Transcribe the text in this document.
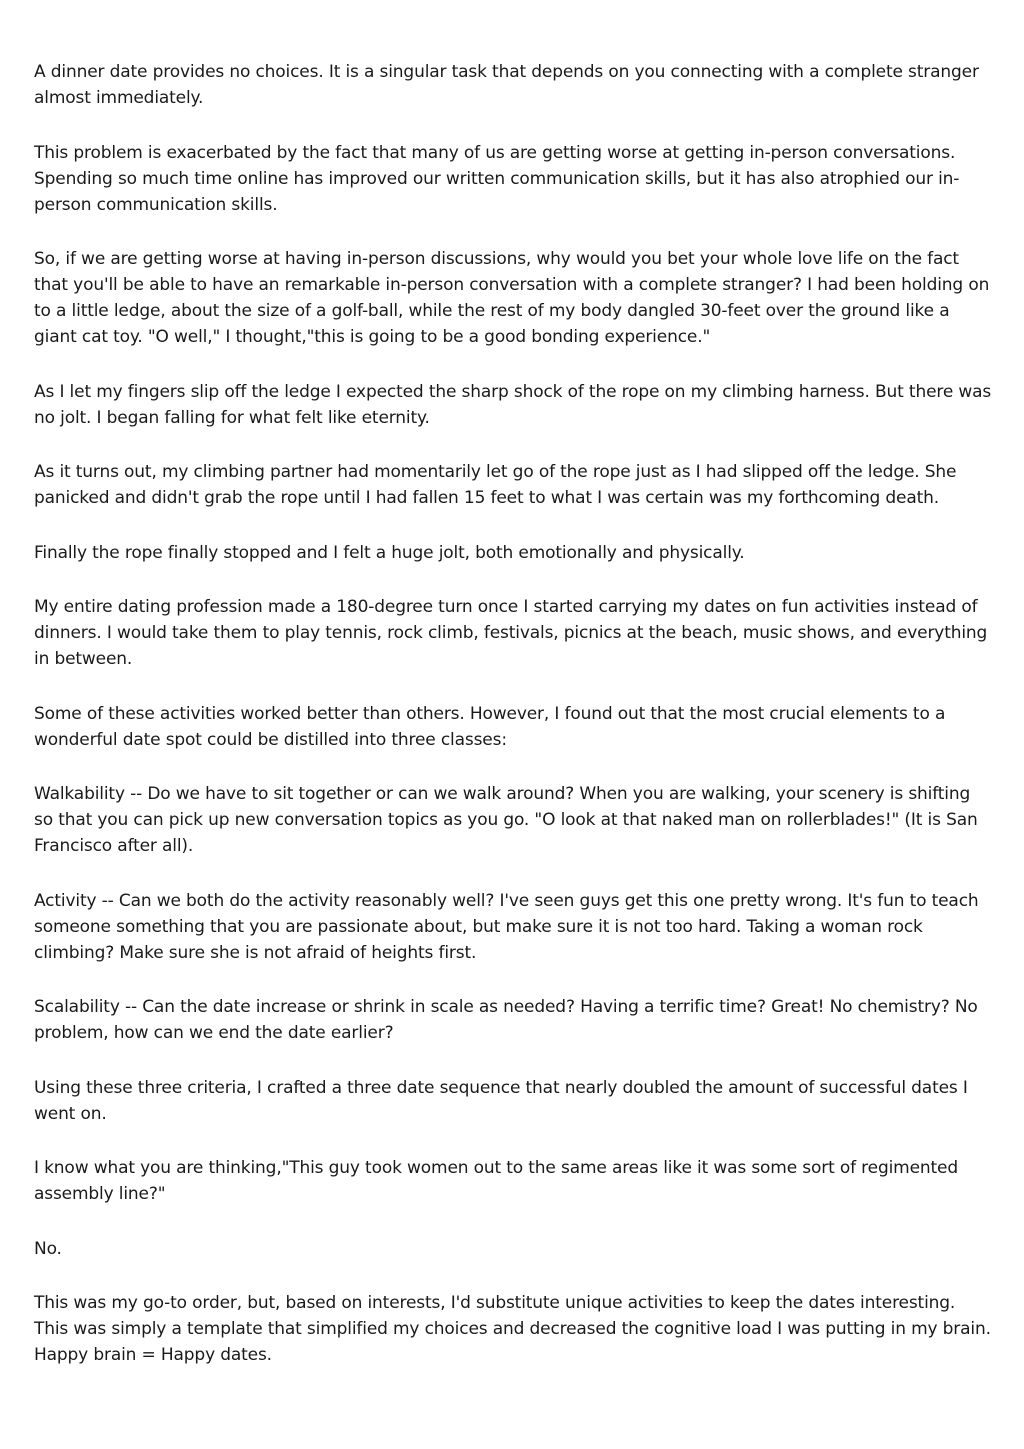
A dinner date provides no choices. It is a singular task that depends on you connecting with a complete stranger almost immediately.

This problem is exacerbated by the fact that many of us are getting worse at getting in-person conversations. Spending so much time online has improved our written communication skills, but it has also atrophied our in-person communication skills.

So, if we are getting worse at having in-person discussions, why would you bet your whole love life on the fact that you'll be able to have an remarkable in-person conversation with a complete stranger? I had been holding on to a little ledge, about the size of a golf-ball, while the rest of my body dangled 30-feet over the ground like a giant cat toy. "O well," I thought,"this is going to be a good bonding experience."

As I let my fingers slip off the ledge I expected the sharp shock of the rope on my climbing harness. But there was no jolt. I began falling for what felt like eternity.

As it turns out, my climbing partner had momentarily let go of the rope just as I had slipped off the ledge. She panicked and didn't grab the rope until I had fallen 15 feet to what I was certain was my forthcoming death.

Finally the rope finally stopped and I felt a huge jolt, both emotionally and physically.

My entire dating profession made a 180-degree turn once I started carrying my dates on fun activities instead of dinners. I would take them to play tennis, rock climb, festivals, picnics at the beach, music shows, and everything in between.

Some of these activities worked better than others. However, I found out that the most crucial elements to a wonderful date spot could be distilled into three classes:

Walkability -- Do we have to sit together or can we walk around? When you are walking, your scenery is shifting so that you can pick up new conversation topics as you go. "O look at that naked man on rollerblades!" (It is San Francisco after all).

Activity -- Can we both do the activity reasonably well? I've seen guys get this one pretty wrong. It's fun to teach someone something that you are passionate about, but make sure it is not too hard. Taking a woman rock climbing? Make sure she is not afraid of heights first.

Scalability -- Can the date increase or shrink in scale as needed? Having a terrific time? Great! No chemistry? No problem, how can we end the date earlier?

Using these three criteria, I crafted a three date sequence that nearly doubled the amount of successful dates I went on.

I know what you are thinking,"This guy took women out to the same areas like it was some sort of regimented assembly line?"

No.

This was my go-to order, but, based on interests, I'd substitute unique activities to keep the dates interesting. This was simply a template that simplified my choices and decreased the cognitive load I was putting in my brain. Happy brain = Happy dates.
